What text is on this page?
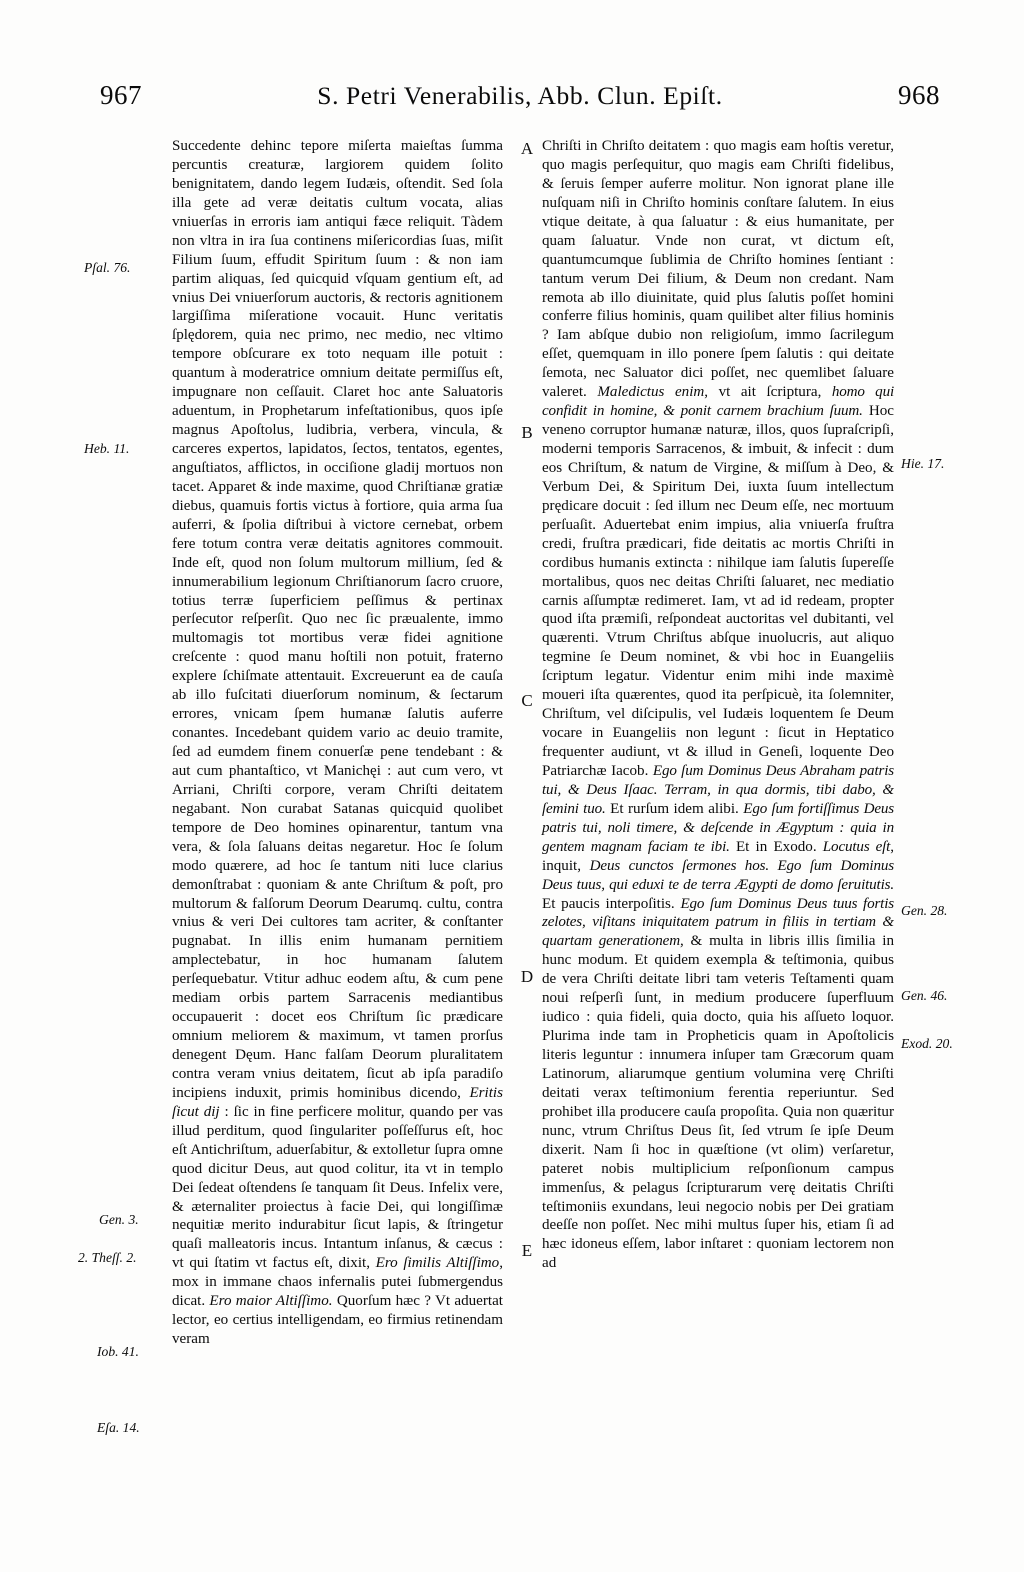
967	S. Petri Venerabilis, Abb. Clun. Epiſt.	968
Pſal. 76.
Heb. 11.
Gen. 3.
2. Theſſ. 2.
Iob. 41.
Eſa. 14.
Hie. 17.
Gen. 28.
Gen. 46.
Exod. 20.
A
B
C
D
E

Succedente dehinc tepore miſerta maieſtas ſumma percuntis creaturæ, largiorem quidem ſolito benignitatem, dando legem Iudæis, oſtendit. Sed ſola illa gete ad veræ deitatis cultum vocata, alias vniuerſas in erroris iam antiqui fæce reliquit. Tàdem non vltra in ira ſua continens miſericordias ſuas, miſit Filium ſuum, effudit Spiritum ſuum : & non iam partim aliquas, ſed quicquid vſquam gentium eſt, ad vnius Dei vniuerſorum auctoris, & rectoris agnitionem largiſſima miſeratione vocauit. Hunc veritatis ſplędorem, quia nec primo, nec medio, nec vltimo tempore obſcurare ex toto nequam ille potuit : quantum à moderatrice omnium deitate permiſſus eſt, impugnare non ceſſauit. Claret hoc ante Saluatoris aduentum, in Prophetarum infeſtationibus, quos ipſe magnus Apoſtolus, ludibria, verbera, vincula, & carceres expertos, lapidatos, ſectos, tentatos, egentes, anguſtiatos, afflictos, in occiſione gladij mortuos non tacet. Apparet & inde maxime, quod Chriſtianæ gratiæ diebus, quamuis fortis victus à fortiore, quia arma ſua auferri, & ſpolia diſtribui à victore cernebat, orbem fere totum contra veræ deitatis agnitores commouit. Inde eſt, quod non ſolum multorum millium, ſed & innumerabilium legionum Chriſtianorum ſacro cruore, totius terræ ſuperficiem peſſimus & pertinax perſecutor reſperſit. Quo nec ſic præualente, immo multomagis tot mortibus veræ fidei agnitione creſcente : quod manu hoſtili non potuit, fraterno explere ſchiſmate attentauit. Excreuerunt ea de cauſa ab illo fuſcitati diuerſorum nominum, & ſectarum errores, vnicam ſpem humanæ ſalutis auferre conantes. Incedebant quidem vario ac deuio tramite, ſed ad eumdem finem conuerſæ pene tendebant : & aut cum phantaſtico, vt Manichęi : aut cum vero, vt Arriani, Chriſti corpore, veram Chriſti deitatem negabant. Non curabat Satanas quicquid quolibet tempore de Deo homines opinarentur, tantum vna vera, & ſola ſaluans deitas negaretur. Hoc ſe ſolum modo quærere, ad hoc ſe tantum niti luce clarius demonſtrabat : quoniam & ante Chriſtum & poſt, pro multorum & falſorum Deorum Dearumq. cultu, contra vnius & veri Dei cultores tam acriter, & conſtanter pugnabat. In illis enim humanam pernitiem amplectebatur, in hoc humanam ſalutem perſequebatur. Vtitur adhuc eodem aſtu, & cum pene mediam orbis partem Sarracenis mediantibus occupauerit : docet eos Chriſtum ſic prædicare omnium meliorem & maximum, vt tamen prorſus denegent Dęum. Hanc falſam Deorum pluralitatem contra veram vnius deitatem, ſicut ab ipſa paradiſo incipiens induxit, primis hominibus dicendo, Eritis ſicut dij : ſic in fine perficere molitur, quando per vas illud perditum, quod ſingulariter poſſeſſurus eſt, hoc eſt Antichriſtum, aduerſabitur, & extolletur ſupra omne quod dicitur Deus, aut quod colitur, ita vt in templo Dei ſedeat oſtendens ſe tanquam ſit Deus. Infelix vere, & æternaliter proiectus à facie Dei, qui longiſſimæ nequitiæ merito indurabitur ſicut lapis, & ſtringetur quaſi malleatoris incus. Intantum inſanus, & cæcus : vt qui ſtatim vt factus eſt, dixit, Ero ſimilis Altiſſimo, mox in immane chaos infernalis putei ſubmergendus dicat. Ero maior Altiſſimo. Quorſum hæc ? Vt aduertat lector, eo certius intelligendam, eo firmius retinendam veram

Chriſti in Chriſto deitatem : quo magis eam hoſtis veretur, quo magis perſequitur, quo magis eam Chriſti fidelibus, & ſeruis ſemper auferre molitur. Non ignorat plane ille nuſquam niſi in Chriſto hominis conſtare ſalutem. In eius vtique deitate, à qua ſaluatur : & eius humanitate, per quam ſaluatur. Vnde non curat, vt dictum eſt, quantumcumque ſublimia de Chriſto homines ſentiant : tantum verum Dei filium, & Deum non credant. Nam remota ab illo diuinitate, quid plus ſalutis poſſet homini conferre filius hominis, quam quilibet alter filius hominis ? Iam abſque dubio non religioſum, immo ſacrilegum eſſet, quemquam in illo ponere ſpem ſalutis : qui deitate ſemota, nec Saluator dici poſſet, nec quemlibet ſaluare valeret. Maledictus enim, vt ait ſcriptura, homo qui confidit in homine, & ponit carnem brachium ſuum. Hoc veneno corruptor humanæ naturæ, illos, quos ſupraſcripſi, moderni temporis Sarracenos, & imbuit, & infecit : dum eos Chriſtum, & natum de Virgine, & miſſum à Deo, & Verbum Dei, & Spiritum Dei, iuxta ſuum intellectum prędicare docuit : ſed illum nec Deum eſſe, nec mortuum perſuaſit. Aduertebat enim impius, alia vniuerſa fruſtra credi, fruſtra prædicari, fide deitatis ac mortis Chriſti in cordibus humanis extincta : nihilque iam ſalutis ſupereſſe mortalibus, quos nec deitas Chriſti ſaluaret, nec mediatio carnis aſſumptæ redimeret. Iam, vt ad id redeam, propter quod iſta præmiſi, reſpondeat auctoritas vel dubitanti, vel quærenti. Vtrum Chriſtus abſque inuolucris, aut aliquo tegmine ſe Deum nominet, & vbi hoc in Euangeliis ſcriptum legatur. Videntur enim mihi inde maximè moueri iſta quærentes, quod ita perſpicuè, ita ſolemniter, Chriſtum, vel diſcipulis, vel Iudæis loquentem ſe Deum vocare in Euangeliis non legunt : ſicut in Heptatico frequenter audiunt, vt & illud in Geneſi, loquente Deo Patriarchæ Iacob. Ego ſum Dominus Deus Abraham patris tui, & Deus Iſaac. Terram, in qua dormis, tibi dabo, & ſemini tuo. Et rurſum idem alibi. Ego ſum fortiſſimus Deus patris tui, noli timere, & deſcende in Ægyptum : quia in gentem magnam faciam te ibi. Et in Exodo. Locutus eſt, inquit, Deus cunctos ſermones hos. Ego ſum Dominus Deus tuus, qui eduxi te de terra Ægypti de domo ſeruitutis. Et paucis interpoſitis. Ego ſum Dominus Deus tuus fortis zelotes, viſitans iniquitatem patrum in filiis in tertiam & quartam generationem, & multa in libris illis ſimilia in hunc modum. Et quidem exempla & teſtimonia, quibus de vera Chriſti deitate libri tam veteris Teſtamenti quam noui reſperſi ſunt, in medium producere ſuperfluum iudico : quia fideli, quia docto, quia his aſſueto loquor. Plurima inde tam in Propheticis quam in Apoſtolicis literis leguntur : innumera inſuper tam Græcorum quam Latinorum, aliarumque gentium volumina verę Chriſti deitati verax teſtimonium ferentia reperiuntur. Sed prohibet illa producere cauſa propoſita. Quia non quæritur nunc, vtrum Chriſtus Deus ſit, ſed vtrum ſe ipſe Deum dixerit. Nam ſi hoc in quæſtione (vt olim) verſaretur, pateret nobis multiplicium reſponſionum campus immenſus, & pelagus ſcripturarum verę deitatis Chriſti teſtimoniis exundans, leui negocio nobis per Dei gratiam deeſſe non poſſet. Nec mihi multus ſuper his, etiam ſi ad hæc idoneus eſſem, labor inſtaret : quoniam lectorem non ad
